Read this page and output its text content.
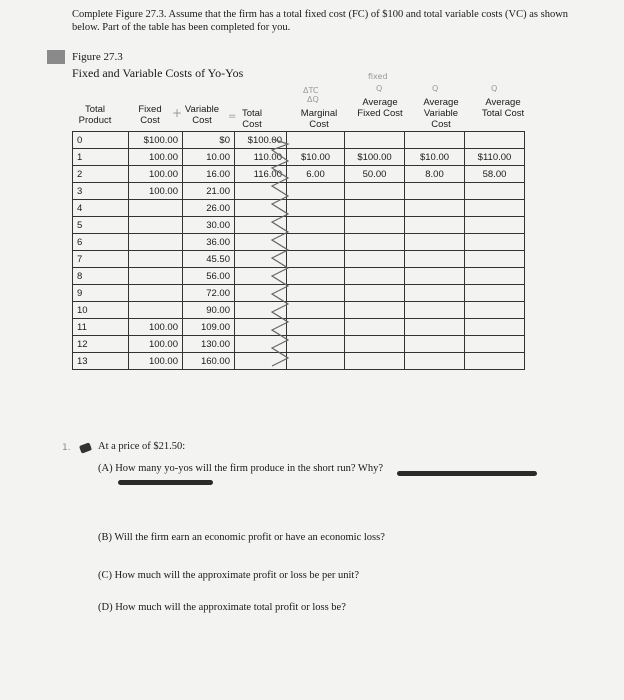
Complete Figure 27.3. Assume that the firm has a total fixed cost (FC) of $100 and total variable costs (VC) as shown below. Part of the table has been completed for you.
Figure 27.3
Fixed and Variable Costs of Yo-Yos
ΔTC
ΔQ
fixed
Q	Q	Q
+	=
Total Product
Fixed Cost
Variable Cost
Total Cost
Marginal Cost
Average Fixed Cost
Average Variable Cost
Average Total Cost
0	$100.00	$0	$100.00				
1	100.00	10.00	110.00	$10.00	$100.00	$10.00	$110.00
2	100.00	16.00	116.00	6.00	50.00	8.00	58.00
3	100.00	21.00					
4		26.00					
5		30.00					
6		36.00					
7		45.50					
8		56.00					
9		72.00					
10		90.00					
11	100.00	109.00					
12	100.00	130.00					
13	100.00	160.00					
1.	At a price of $21.50:
(A) How many yo-yos will the firm produce in the short run? Why?
(B) Will the firm earn an economic profit or have an economic loss?
(C) How much will the approximate profit or loss be per unit?
(D) How much will the approximate total profit or loss be?
